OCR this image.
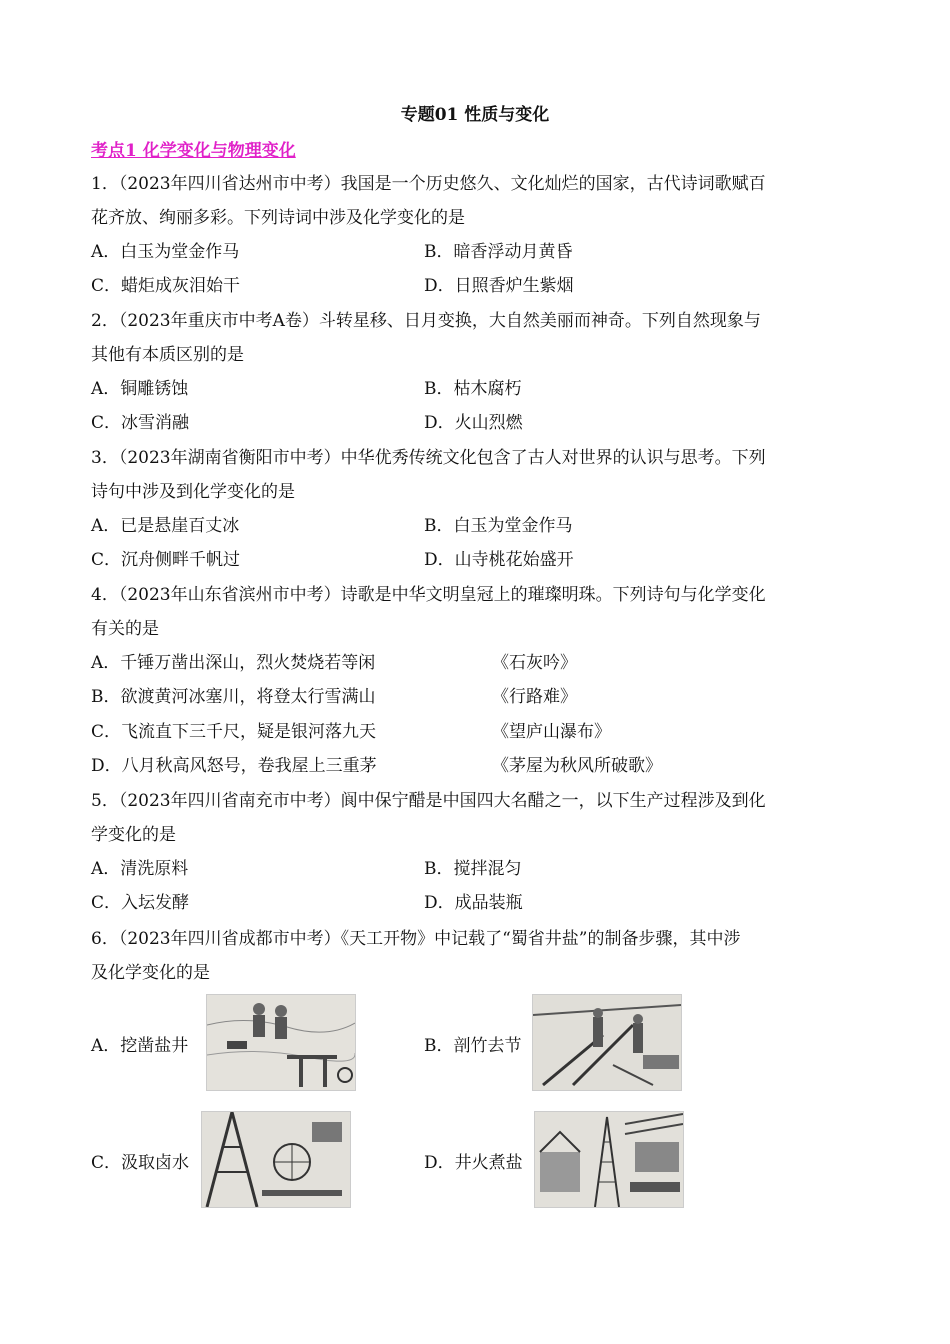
专题01 性质与变化
考点1 化学变化与物理变化
1．（2023年四川省达州市中考）我国是一个历史悠久、文化灿烂的国家，古代诗词歌赋百
花齐放、绚丽多彩。下列诗词中涉及化学变化的是
A．白玉为堂金作马	B．暗香浮动月黄昏
C．蜡炬成灰泪始干	D．日照香炉生紫烟
2．（2023年重庆市中考A卷）斗转星移、日月变换，大自然美丽而神奇。下列自然现象与
其他有本质区别的是
A．铜雕锈蚀	B．枯木腐朽
C．冰雪消融	D．火山烈燃
3．（2023年湖南省衡阳市中考）中华优秀传统文化包含了古人对世界的认识与思考。下列
诗句中涉及到化学变化的是
A．已是悬崖百丈冰	B．白玉为堂金作马
C．沉舟侧畔千帆过	D．山寺桃花始盛开
4．（2023年山东省滨州市中考）诗歌是中华文明皇冠上的璀璨明珠。下列诗句与化学变化
有关的是
A．千锤万凿出深山，烈火焚烧若等闲	《石灰吟》
B．欲渡黄河冰塞川，将登太行雪满山	《行路难》
C．飞流直下三千尺，疑是银河落九天	《望庐山瀑布》
D．八月秋高风怒号，卷我屋上三重茅	《茅屋为秋风所破歌》
5．（2023年四川省南充市中考）阆中保宁醋是中国四大名醋之一，以下生产过程涉及到化
学变化的是
A．清洗原料	B．搅拌混匀
C．入坛发酵	D．成品装瓶
6．（2023年四川省成都市中考）《天工开物》中记载了“蜀省井盐”的制备步骤，其中涉
及化学变化的是
A．挖凿盐井	B．剖竹去节
C．汲取卤水	D．井火煮盐
